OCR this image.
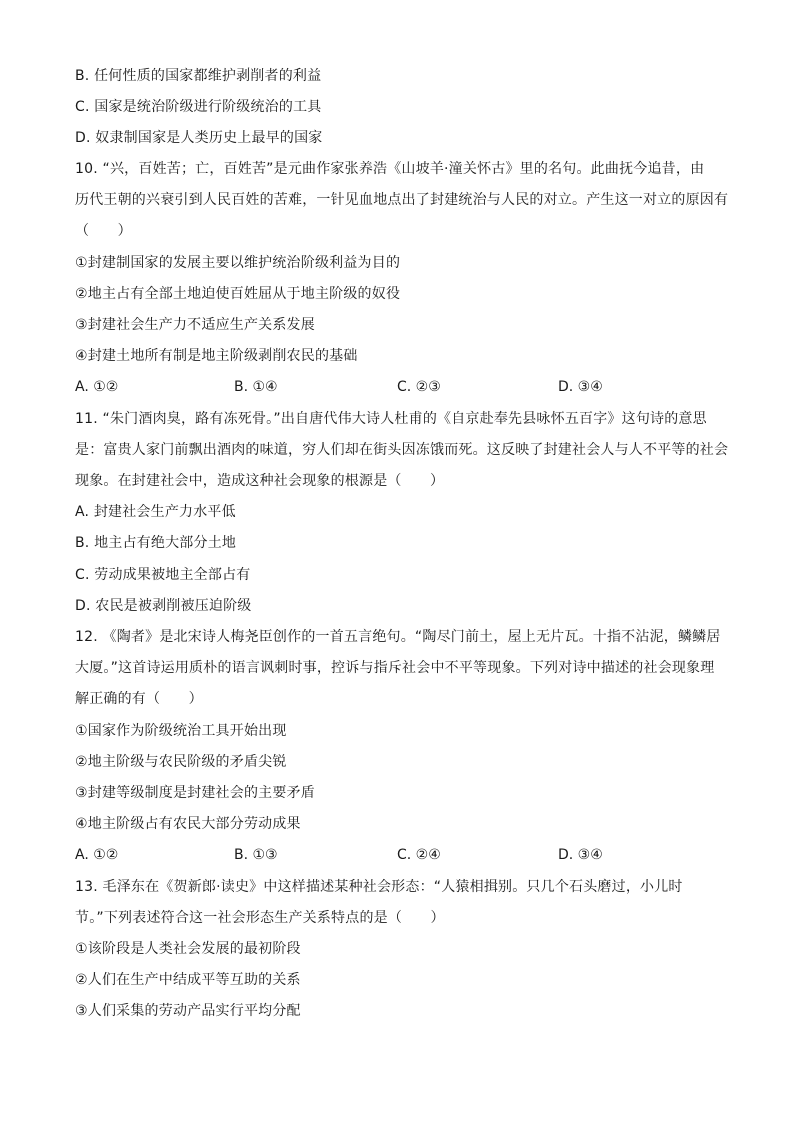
B. 任何性质的国家都维护剥削者的利益
C. 国家是统治阶级进行阶级统治的工具
D. 奴隶制国家是人类历史上最早的国家
10. “兴，百姓苦；亡，百姓苦”是元曲作家张养浩《山坡羊·潼关怀古》里的名句。此曲抚今追昔，由
历代王朝的兴衰引到人民百姓的苦难，一针见血地点出了封建统治与人民的对立。产生这一对立的原因有
（　　）
①封建制国家的发展主要以维护统治阶级利益为目的
②地主占有全部土地迫使百姓屈从于地主阶级的奴役
③封建社会生产力不适应生产关系发展
④封建土地所有制是地主阶级剥削农民的基础
A. ①②	B. ①④	C. ②③	D. ③④
11. “朱门酒肉臭，路有冻死骨。”出自唐代伟大诗人杜甫的《自京赴奉先县咏怀五百字》这句诗的意思
是：富贵人家门前飘出酒肉的味道，穷人们却在街头因冻饿而死。这反映了封建社会人与人不平等的社会
现象。在封建社会中，造成这种社会现象的根源是（　　）
A. 封建社会生产力水平低
B. 地主占有绝大部分土地
C. 劳动成果被地主全部占有
D. 农民是被剥削被压迫阶级
12. 《陶者》是北宋诗人梅尧臣创作的一首五言绝句。“陶尽门前土，屋上无片瓦。十指不沾泥，鳞鳞居
大厦。”这首诗运用质朴的语言讽刺时事，控诉与指斥社会中不平等现象。下列对诗中描述的社会现象理
解正确的有（　　）
①国家作为阶级统治工具开始出现
②地主阶级与农民阶级的矛盾尖锐
③封建等级制度是封建社会的主要矛盾
④地主阶级占有农民大部分劳动成果
A. ①②	B. ①③	C. ②④	D. ③④
13. 毛泽东在《贺新郎·读史》中这样描述某种社会形态：“人猿相揖别。只几个石头磨过，小儿时
节。”下列表述符合这一社会形态生产关系特点的是（　　）
①该阶段是人类社会发展的最初阶段
②人们在生产中结成平等互助的关系
③人们采集的劳动产品实行平均分配
